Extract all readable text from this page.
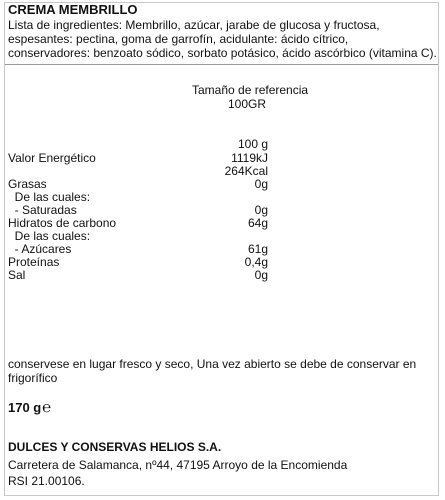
CREMA MEMBRILLO
Lista de ingredientes: Membrillo, azúcar, jarabe de glucosa y fructosa,
espesantes: pectina, goma de garrofín, acidulante: ácido cítrico,
conservadores: benzoato sódico, sorbato potásico, ácido ascórbico (vitamina C).
Tamaño de referencia
100GR
100 g
Valor Energético	1119kJ
264Kcal
Grasas	0g
De las cuales:
- Saturadas	0g
Hidratos de carbono	64g
De las cuales:
- Azúcares	61g
Proteínas	0,4g
Sal	0g
conservese en lugar fresco y seco, Una vez abierto se debe de conservar en
frigorífico
170 g℮
DULCES Y CONSERVAS HELIOS S.A.
Carretera de Salamanca, nº44, 47195 Arroyo de la Encomienda
RSI 21.00106.
